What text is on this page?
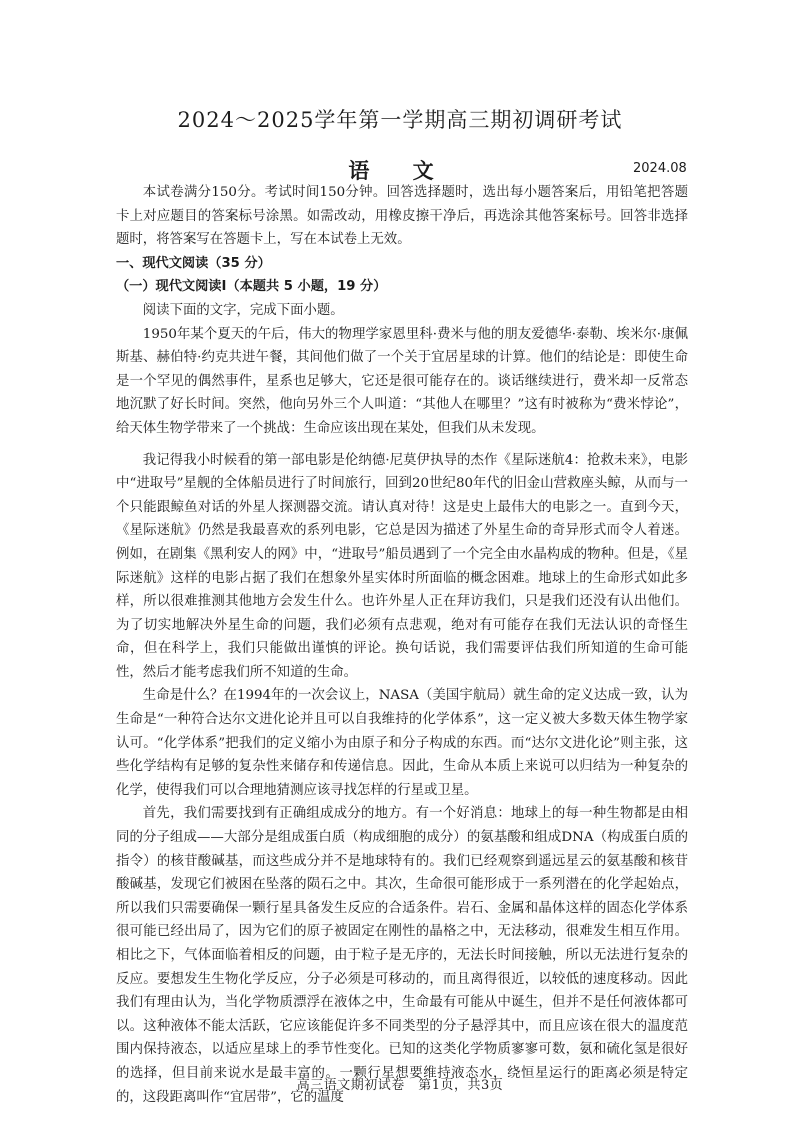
2024～2025学年第一学期高三期初调研考试
语 文	2024.08

本试卷满分150分。考试时间150分钟。回答选择题时，选出每小题答案后，用铅笔把答题卡上对应题目的答案标号涂黑。如需改动，用橡皮擦干净后，再选涂其他答案标号。回答非选择题时，将答案写在答题卡上，写在本试卷上无效。

一、现代文阅读（35 分）

（一）现代文阅读Ⅰ（本题共 5 小题，19 分）

阅读下面的文字，完成下面小题。

1950年某个夏天的午后，伟大的物理学家恩里科·费米与他的朋友爱德华·泰勒、埃米尔·康佩斯基、赫伯特·约克共进午餐，其间他们做了一个关于宜居星球的计算。他们的结论是：即使生命是一个罕见的偶然事件，星系也足够大，它还是很可能存在的。谈话继续进行，费米却一反常态地沉默了好长时间。突然，他向另外三个人叫道：“其他人在哪里？”这有时被称为“费米悖论”，给天体生物学带来了一个挑战：生命应该出现在某处，但我们从未发现。

我记得我小时候看的第一部电影是伦纳德·尼莫伊执导的杰作《星际迷航4：抢救未来》，电影中“进取号”星舰的全体船员进行了时间旅行，回到20世纪80年代的旧金山营救座头鲸，从而与一个只能跟鲸鱼对话的外星人探测器交流。请认真对待！这是史上最伟大的电影之一。直到今天，《星际迷航》仍然是我最喜欢的系列电影，它总是因为描述了外星生命的奇异形式而令人着迷。例如，在剧集《黑利安人的网》中，“进取号”船员遇到了一个完全由水晶构成的物种。但是，《星际迷航》这样的电影占据了我们在想象外星实体时所面临的概念困难。地球上的生命形式如此多样，所以很难推测其他地方会发生什么。也许外星人正在拜访我们，只是我们还没有认出他们。为了切实地解决外星生命的问题，我们必须有点悲观，绝对有可能存在我们无法认识的奇怪生命，但在科学上，我们只能做出谨慎的评论。换句话说，我们需要评估我们所知道的生命可能性，然后才能考虑我们所不知道的生命。

生命是什么？在1994年的一次会议上，NASA（美国宇航局）就生命的定义达成一致，认为生命是“一种符合达尔文进化论并且可以自我维持的化学体系”，这一定义被大多数天体生物学家认可。“化学体系”把我们的定义缩小为由原子和分子构成的东西。而“达尔文进化论”则主张，这些化学结构有足够的复杂性来储存和传递信息。因此，生命从本质上来说可以归结为一种复杂的化学，使得我们可以合理地猜测应该寻找怎样的行星或卫星。

首先，我们需要找到有正确组成成分的地方。有一个好消息：地球上的每一种生物都是由相同的分子组成——大部分是组成蛋白质（构成细胞的成分）的氨基酸和组成DNA（构成蛋白质的指令）的核苷酸碱基，而这些成分并不是地球特有的。我们已经观察到遥远星云的氨基酸和核苷酸碱基，发现它们被困在坠落的陨石之中。其次，生命很可能形成于一系列潜在的化学起始点，所以我们只需要确保一颗行星具备发生反应的合适条件。岩石、金属和晶体这样的固态化学体系很可能已经出局了，因为它们的原子被固定在刚性的晶格之中，无法移动，很难发生相互作用。相比之下，气体面临着相反的问题，由于粒子是无序的，无法长时间接触，所以无法进行复杂的反应。要想发生生物化学反应，分子必须是可移动的，而且离得很近，以较低的速度移动。因此我们有理由认为，当化学物质漂浮在液体之中，生命最有可能从中诞生，但并不是任何液体都可以。这种液体不能太活跃，它应该能促许多不同类型的分子悬浮其中，而且应该在很大的温度范围内保持液态，以适应星球上的季节性变化。已知的这类化学物质寥寥可数，氨和硫化氢是很好的选择，但目前来说水是最丰富的。一颗行星想要维持液态水，绕恒星运行的距离必须是特定的，这段距离叫作“宜居带”，它的温度

高三语文期初试卷　第1页，共3页
